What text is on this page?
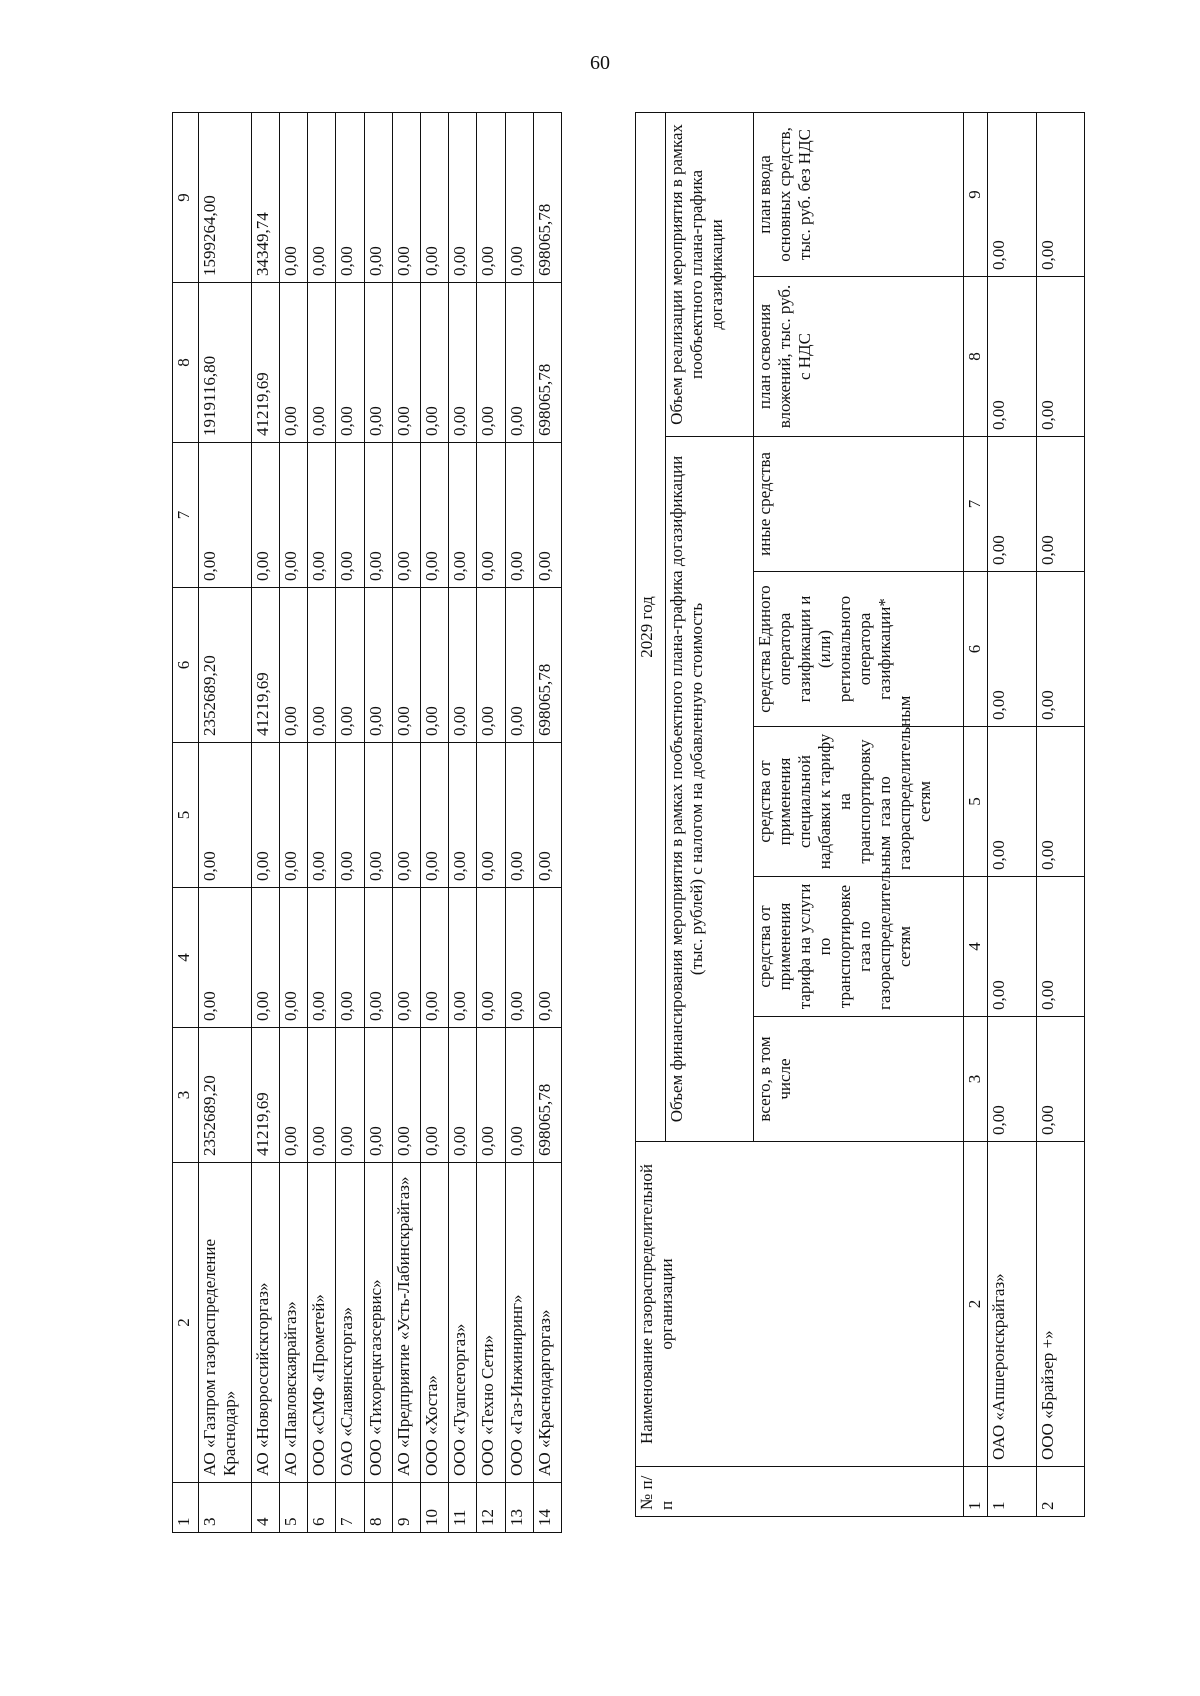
60
1	2	3	4	5	6	7	8	9
3	АО «Газпром газораспределение Краснодар»	2352689,20	0,00	0,00	2352689,20	0,00	1919116,80	1599264,00
4	АО «Новороссийскгоргаз»	41219,69	0,00	0,00	41219,69	0,00	41219,69	34349,74
5	АО «Павловскаярайгаз»	0,00	0,00	0,00	0,00	0,00	0,00	0,00
6	ООО «СМФ «Прометей»	0,00	0,00	0,00	0,00	0,00	0,00	0,00
7	ОАО «Славянскгоргаз»	0,00	0,00	0,00	0,00	0,00	0,00	0,00
8	ООО «Тихорецкгазсервис»	0,00	0,00	0,00	0,00	0,00	0,00	0,00
9	АО «Предприятие «Усть-Лабинскрайгаз»	0,00	0,00	0,00	0,00	0,00	0,00	0,00
10	ООО «Хоста»	0,00	0,00	0,00	0,00	0,00	0,00	0,00
11	ООО «Туапсегоргаз»	0,00	0,00	0,00	0,00	0,00	0,00	0,00
12	ООО «Техно Сети»	0,00	0,00	0,00	0,00	0,00	0,00	0,00
13	ООО «Газ-Инжиниринг»	0,00	0,00	0,00	0,00	0,00	0,00	0,00
14	АО «Краснодаргоргаз»	698065,78	0,00	0,00	698065,78	0,00	698065,78	698065,78
№ п/п	Наименование газораспределительной организации	2029 год						
		Объем финансирования мероприятия в рамках пообъектного плана-графика догазификации (тыс. рублей) с налогом на добавленную стоимость					Объем реализации мероприятия в рамках пообъектного плана-графика догазификации	
		всего, в том числе	средства от применения тарифа на услуги по транспортировке газа по газораспределительным сетям	средства от применения специальной надбавки к тарифу на транспортировку газа по газораспределительным сетям	средства Единого оператора газификации и (или) регионального оператора газификации*	иные средства	план освоения вложений, тыс. руб. с НДС	план ввода основных средств, тыс. руб. без НДС
1	2	3	4	5	6	7	8	9
1	ОАО «Апшеронскрайгаз»	0,00	0,00	0,00	0,00	0,00	0,00	0,00
2	ООО «Брайзер +»	0,00	0,00	0,00	0,00	0,00	0,00	0,00
